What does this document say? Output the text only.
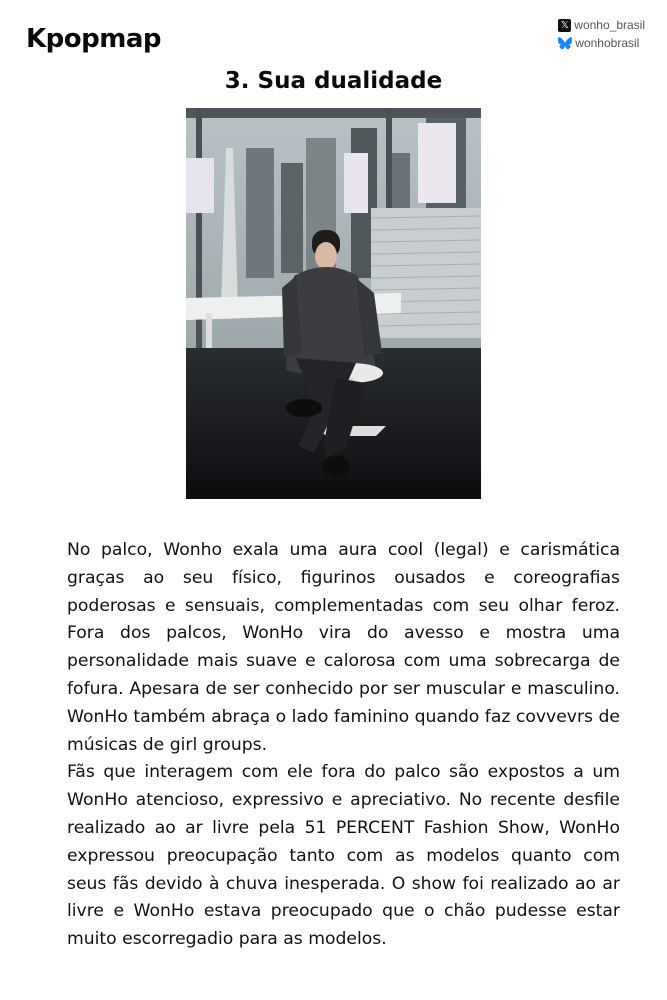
Kpopmap	𝕏 wonho_brasil
wonhobrasil
3. Sua dualidade

No palco, Wonho exala uma aura cool (legal) e carismática graças ao seu físico, figurinos ousados e coreografias poderosas e sensuais, complementadas com seu olhar feroz. Fora dos palcos, WonHo vira do avesso e mostra uma personalidade mais suave e calorosa com uma sobrecarga de fofura. Apesara de ser conhecido por ser muscular e masculino. WonHo também abraça o lado faminino quando faz covvevrs de músicas de girl groups.

Fãs que interagem com ele fora do palco são expostos a um WonHo atencioso, expressivo e apreciativo. No recente desfile realizado ao ar livre pela 51 PERCENT Fashion Show, WonHo expressou preocupação tanto com as modelos quanto com seus fãs devido à chuva inesperada. O show foi realizado ao ar livre e WonHo estava preocupado que o chão pudesse estar muito escorregadio para as modelos.
